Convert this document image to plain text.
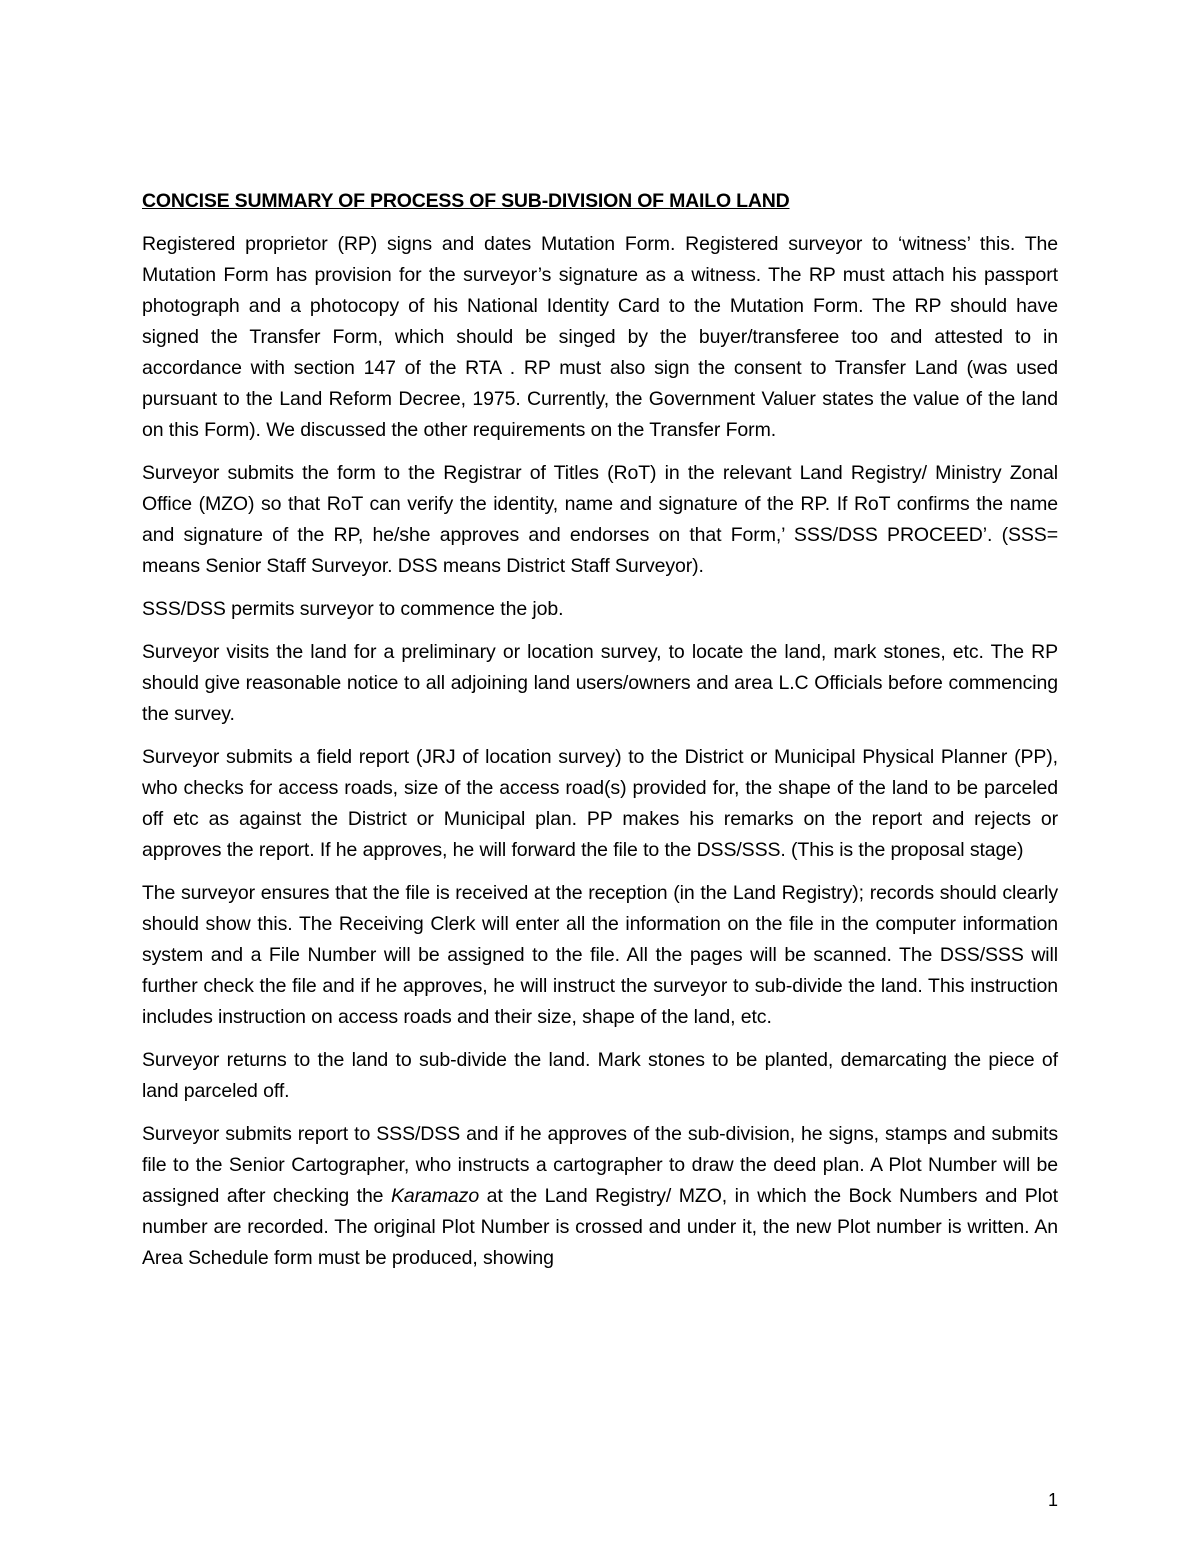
CONCISE SUMMARY OF PROCESS OF SUB-DIVISION OF MAILO LAND

Registered proprietor (RP) signs and dates Mutation Form. Registered surveyor to ‘witness’ this. The Mutation Form has provision for the surveyor’s signature as a witness. The RP must attach his passport photograph and a photocopy of his National Identity Card to the Mutation Form. The RP should have signed the Transfer Form, which should be singed by the buyer/transferee too and attested to in accordance with section 147 of the RTA . RP must also sign the consent to Transfer Land (was used pursuant to the Land Reform Decree, 1975. Currently, the Government Valuer states the value of the land on this Form). We discussed the other requirements on the Transfer Form.

Surveyor submits the form to the Registrar of Titles (RoT) in the relevant Land Registry/ Ministry Zonal Office (MZO) so that RoT can verify the identity, name and signature of the RP. If RoT confirms the name and signature of the RP, he/she approves and endorses on that Form,’ SSS/DSS PROCEED’. (SSS= means Senior Staff Surveyor. DSS means District Staff Surveyor).

SSS/DSS permits surveyor to commence the job.

Surveyor visits the land for a preliminary or location survey, to locate the land, mark stones, etc. The RP should give reasonable notice to all adjoining land users/owners and area L.C Officials before commencing the survey.

Surveyor submits a field report (JRJ of location survey) to the District or Municipal Physical Planner (PP), who checks for access roads, size of the access road(s) provided for, the shape of the land to be parceled off etc as against the District or Municipal plan. PP makes his remarks on the report and rejects or approves the report. If he approves, he will forward the file to the DSS/SSS. (This is the proposal stage)

The surveyor ensures that the file is received at the reception (in the Land Registry); records should clearly should show this. The Receiving Clerk will enter all the information on the file in the computer information system and a File Number will be assigned to the file. All the pages will be scanned. The DSS/SSS will further check the file and if he approves, he will instruct the surveyor to sub-divide the land. This instruction includes instruction on access roads and their size, shape of the land, etc.

Surveyor returns to the land to sub-divide the land. Mark stones to be planted, demarcating the piece of land parceled off.

Surveyor submits report to SSS/DSS and if he approves of the sub-division, he signs, stamps and submits file to the Senior Cartographer, who instructs a cartographer to draw the deed plan. A Plot Number will be assigned after checking the Karamazo at the Land Registry/ MZO, in which the Bock Numbers and Plot number are recorded. The original Plot Number is crossed and under it, the new Plot number is written. An Area Schedule form must be produced, showing

1
